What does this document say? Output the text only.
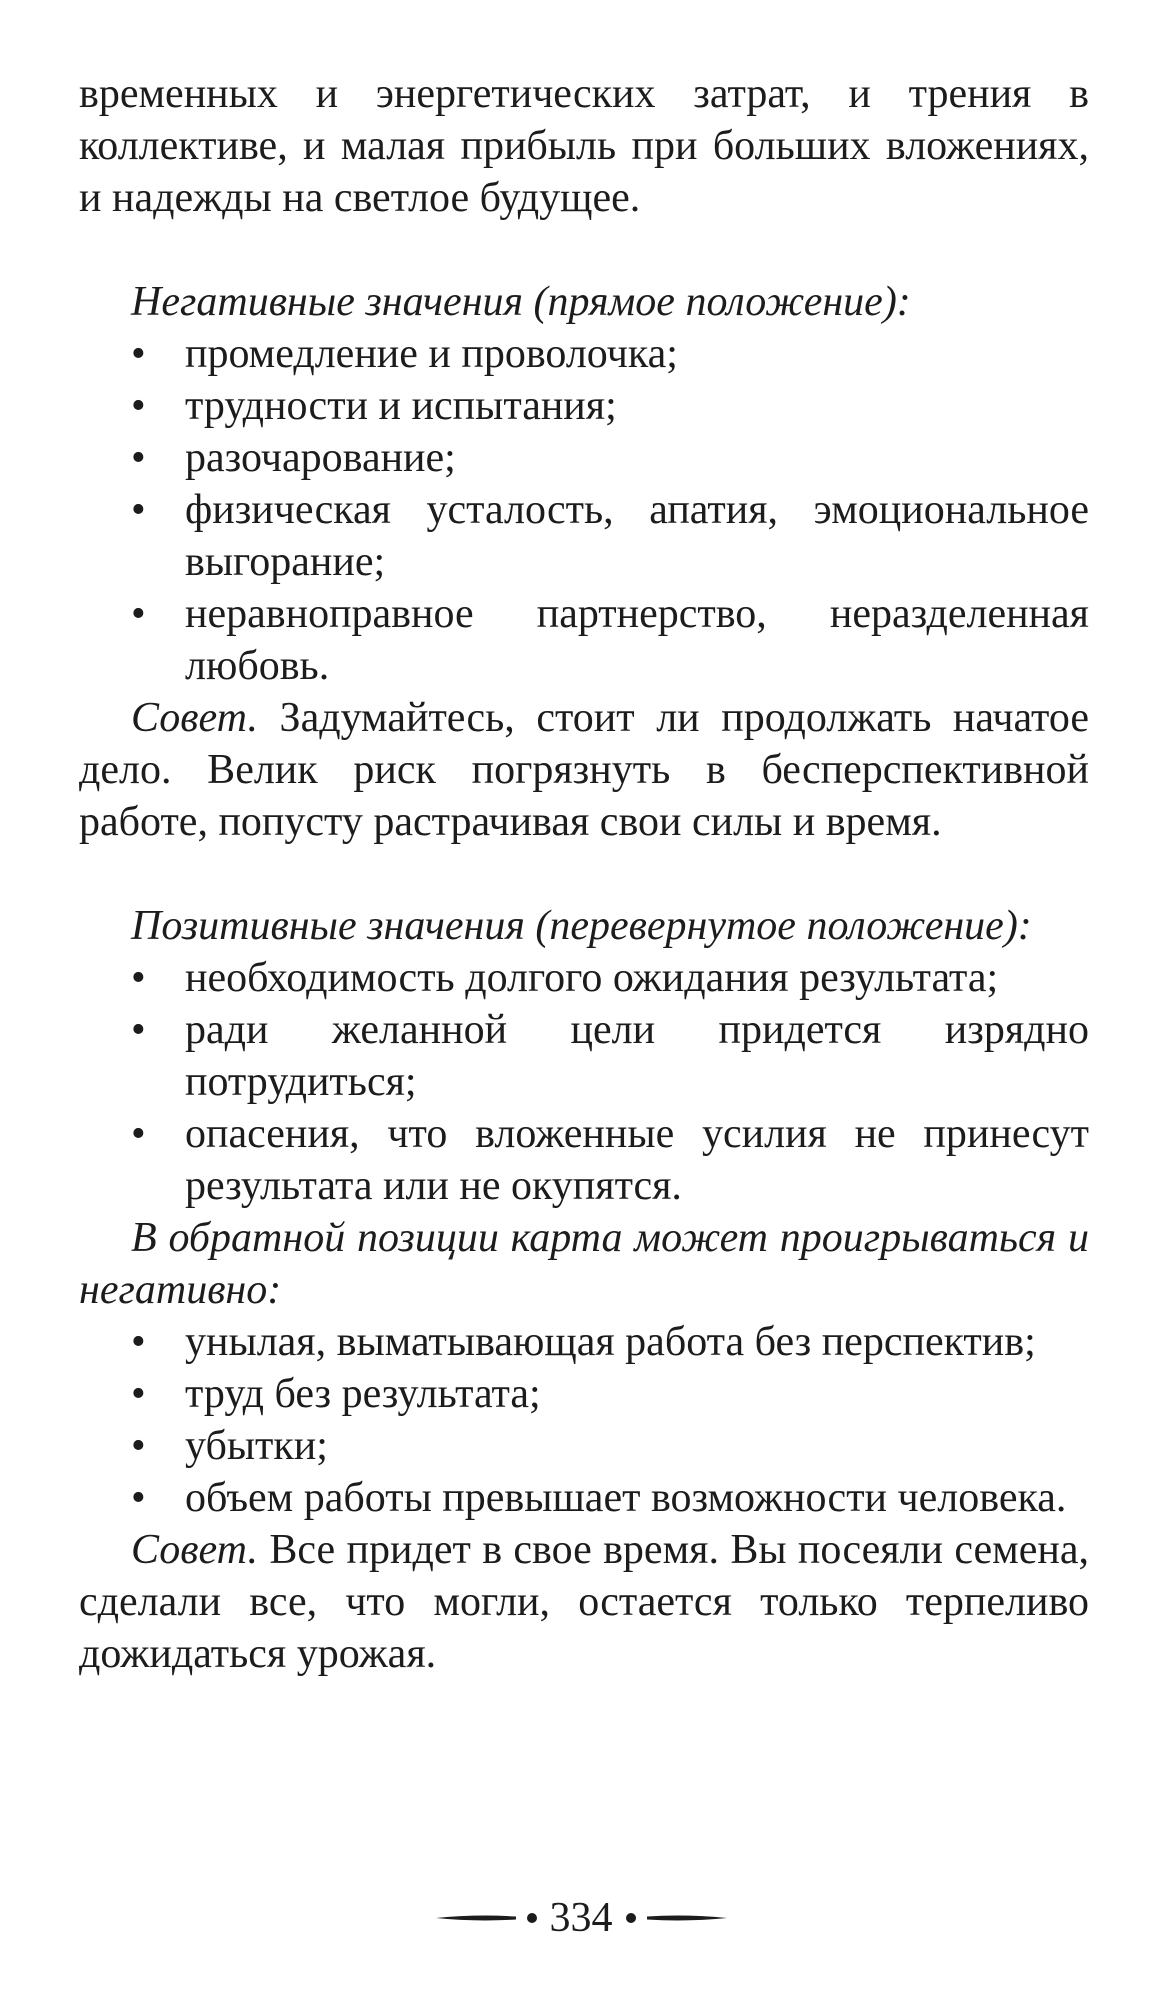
временных и энергетических затрат, и трения в коллективе, и малая прибыль при больших вложениях, и надежды на светлое будущее.

Негативные значения (прямое положение):

• промедление и проволочка;
• трудности и испытания;
• разочарование;
• физическая усталость, апатия, эмоциональное выгорание;
• неравноправное партнерство, неразделенная любовь.

Совет. Задумайтесь, стоит ли продолжать начатое дело. Велик риск погрязнуть в бесперспективной работе, попусту растрачивая свои силы и время.

Позитивные значения (перевернутое положение):

• необходимость долгого ожидания результата;
• ради желанной цели придется изрядно потрудиться;
• опасения, что вложенные усилия не принесут результата или не окупятся.

В обратной позиции карта может проигрываться и негативно:

• унылая, выматывающая работа без перспектив;
• труд без результата;
• убытки;
• объем работы превышает возможности человека.

Совет. Все придет в свое время. Вы посеяли семена, сделали все, что могли, остается только терпеливо дожидаться урожая.

334
